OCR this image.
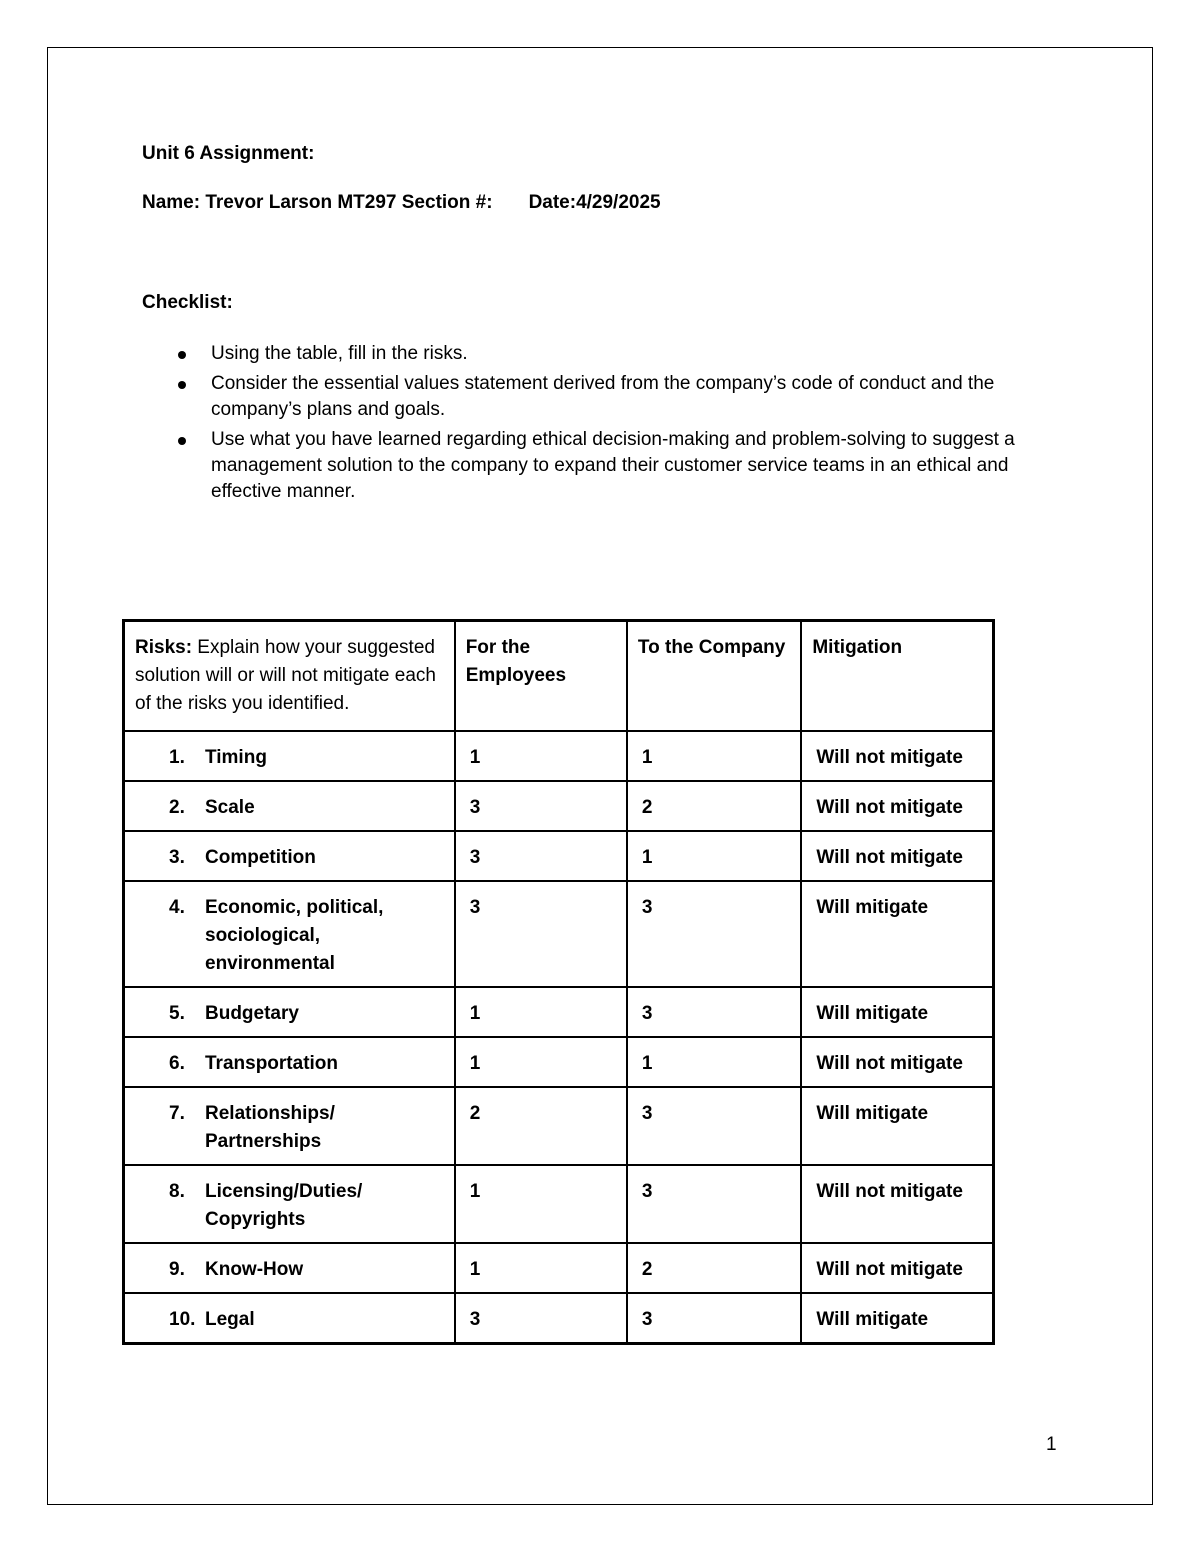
Unit 6 Assignment:
Name: Trevor Larson MT297 Section #: Date:4/29/2025
Checklist:
Using the table, fill in the risks.
Consider the essential values statement derived from the company’s code of conduct and the company’s plans and goals.
Use what you have learned regarding ethical decision-making and problem-solving to suggest a management solution to the company to expand their customer service teams in an ethical and effective manner.
Risks: Explain how your suggested solution will or will not mitigate each of the risks you identified.	For the Employees	To the Company	Mitigation

1. Timing	1	1	Will not mitigate

2. Scale	3	2	Will not mitigate

3. Competition	3	1	Will not mitigate

4. Economic, political, sociological, environmental	3	3	Will mitigate

5. Budgetary	1	3	Will mitigate

6. Transportation	1	1	Will not mitigate

7. Relationships/ Partnerships	2	3	Will mitigate

8. Licensing/Duties/ Copyrights	1	3	Will not mitigate

9. Know-How	1	2	Will not mitigate

10. Legal	3	3	Will mitigate
1
